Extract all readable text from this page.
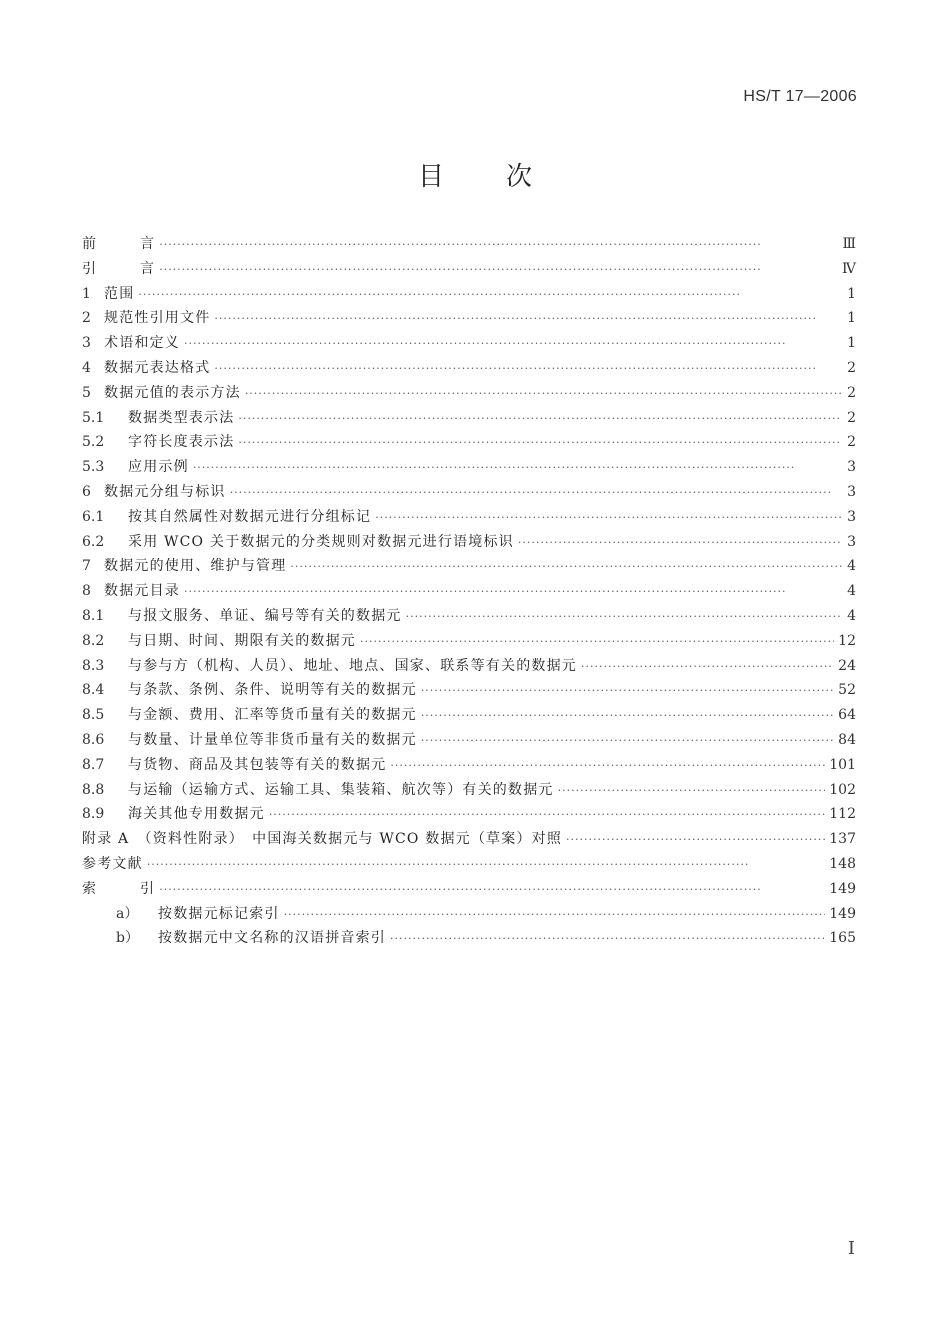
HS/T 17—2006
目 次
前	言 ·····	Ⅲ
引	言 ·····	Ⅳ
1 范围 ·····	1
2 规范性引用文件 ·····	1
3 术语和定义 ·····	1
4 数据元表达格式 ·····	2
5 数据元值的表示方法 ·····	2
5.1	数据类型表示法 ·····	2
5.2	字符长度表示法 ·····	2
5.3	应用示例 ·····	3
6 数据元分组与标识 ·····	3
6.1	按其自然属性对数据元进行分组标记 ·····	3
6.2	采用 WCO 关于数据元的分类规则对数据元进行语境标识 ·····	3
7 数据元的使用、维护与管理 ·····	4
8 数据元目录 ·····	4
8.1	与报文服务、单证、编号等有关的数据元 ·····	4
8.2	与日期、时间、期限有关的数据元 ·····	12
8.3	与参与方（机构、人员）、地址、地点、国家、联系等有关的数据元 ·····	24
8.4	与条款、条例、条件、说明等有关的数据元 ·····	52
8.5	与金额、费用、汇率等货币量有关的数据元 ·····	64
8.6	与数量、计量单位等非货币量有关的数据元 ·····	84
8.7	与货物、商品及其包装等有关的数据元 ·····	101
8.8	与运输（运输方式、运输工具、集装箱、航次等）有关的数据元 ·····	102
8.9	海关其他专用数据元 ·····	112
附录 A　（资料性附录）　中国海关数据元与 WCO 数据元（草案）对照 ·····	137
参考文献 ·····	148
索	引 ·····	149
a）	按数据元标记索引 ·····	149
b）	按数据元中文名称的汉语拼音索引 ·····	165
I
